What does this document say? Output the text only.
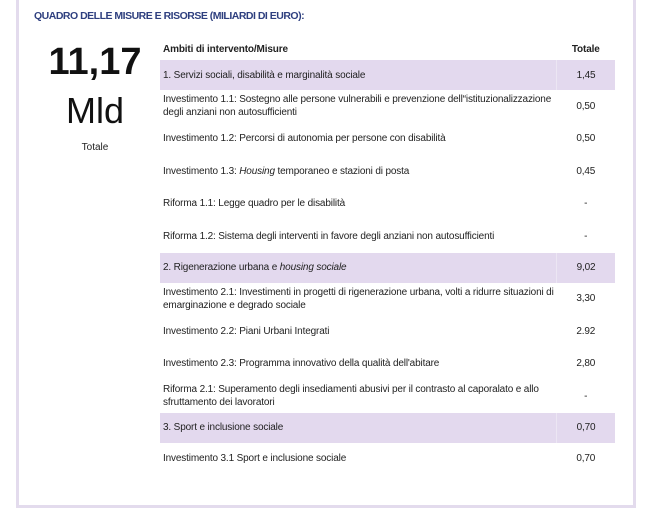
QUADRO DELLE MISURE E RISORSE (MILIARDI DI EURO):
11,17
Mld
Totale
Ambiti di intervento/Misure	Totale
1. Servizi sociali, disabilità e marginalità sociale	1,45
Investimento 1.1: Sostegno alle persone vulnerabili e prevenzione dell“istituzionalizzazione degli anziani non autosufficienti	0,50
Investimento 1.2: Percorsi di autonomia per persone con disabilità	0,50
Investimento 1.3: Housing temporaneo e stazioni di posta	0,45
Riforma 1.1: Legge quadro per le disabilità	-
Riforma 1.2: Sistema degli interventi in favore degli anziani non autosufficienti	-
2. Rigenerazione urbana e housing sociale	9,02
Investimento 2.1: Investimenti in progetti di rigenerazione urbana, volti a ridurre situazioni di emarginazione e degrado sociale	3,30
Investimento 2.2: Piani Urbani Integrati	2.92
Investimento 2.3: Programma innovativo della qualità dell'abitare	2,80
Riforma 2.1: Superamento degli insediamenti abusivi per il contrasto al caporalato e allo sfruttamento dei lavoratori	-
3. Sport e inclusione sociale	0,70
Investimento 3.1 Sport e inclusione sociale	0,70
